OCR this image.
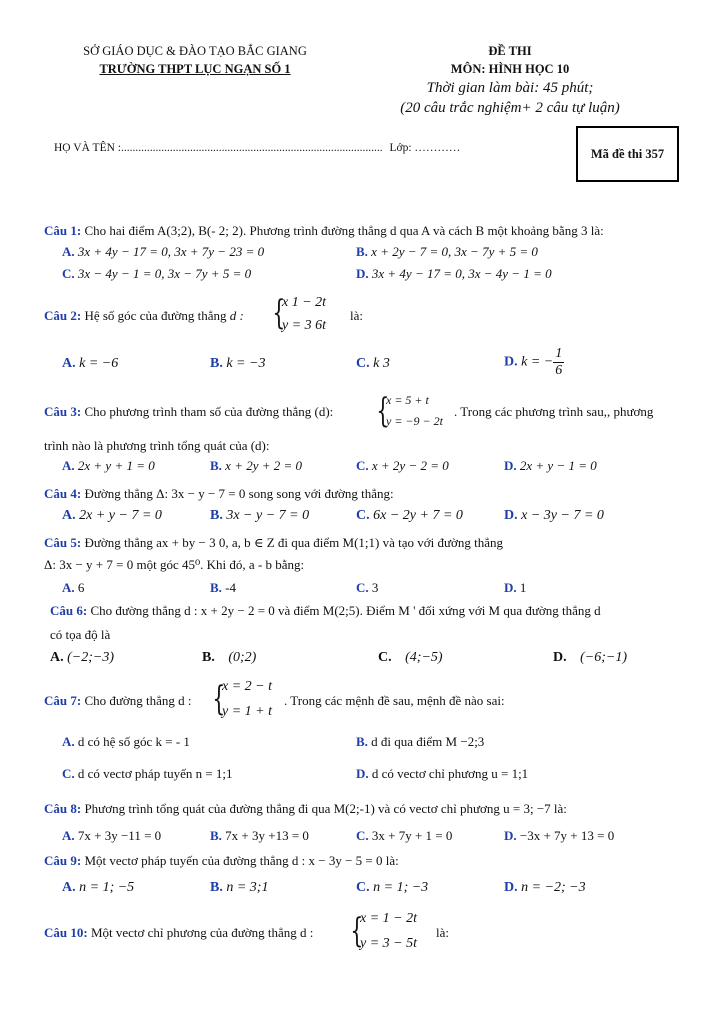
SỞ GIÁO DỤC & ĐÀO TẠO BẮC GIANG
TRƯỜNG THPT LỤC NGẠN SỐ 1
ĐỀ THI
MÔN: HÌNH HỌC 10
Thời gian làm bài: 45 phút;
(20 câu trắc nghiệm+ 2 câu tự luận)
HỌ VÀ TÊN :........................................................................................... Lớp: …………	Mã đề thi 357
Câu 1: Cho hai điểm A(3;2), B(- 2; 2). Phương trình đường thẳng d qua A và cách B một khoảng bằng 3 là:
A. 3x + 4y − 17 = 0, 3x + 7y − 23 = 0	B. x + 2y − 7 = 0, 3x − 7y + 5 = 0
C. 3x − 4y − 1 = 0, 3x − 7y + 5 = 0	D. 3x + 4y − 17 = 0, 3x − 4y − 1 = 0
Câu 2: Hệ số góc của đường thẳng d : {
x 1 − 2t
y = 3 6t
là:
A. k = −6	B. k = −3	C. k 3	D. k = − $\frac{1}{6}$
Câu 3: Cho phương trình tham số của đường thẳng (d): {
x = 5 + t
y = −9 − 2t
. Trong các phương trình sau,, phương
trình nào là phương trình tổng quát của (d):
A. 2x + y + 1 = 0	B. x + 2y + 2 = 0	C. x + 2y − 2 = 0	D. 2x + y − 1 = 0
Câu 4: Đường thẳng Δ: 3x − y − 7 = 0 song song với đường thẳng:
A. 2x + y − 7 = 0	B. 3x − y − 7 = 0	C. 6x − 2y + 7 = 0	D. x − 3y − 7 = 0
Câu 5: Đường thẳng ax + by − 3 0, a, b ∈ Z đi qua điểm M(1;1) và tạo với đường thẳng
Δ: 3x − y + 7 = 0 một góc 45⁰. Khi đó, a - b bằng:
A. 6	B. -4	C. 3	D. 1
Câu 6: Cho đường thẳng d : x + 2y − 2 = 0 và điểm M(2;5). Điểm M ' đối xứng với M qua đường thẳng d
có tọa độ là
A. (−2;−3)	B. (0;2)	C. (4;−5)	D. (−6;−1)
Câu 7: Cho đường thẳng d : {
x = 2 − t
y = 1 + t
. Trong các mệnh đề sau, mệnh đề nào sai:
A. d có hệ số góc k = - 1	B. d đi qua điểm M −2;3
C. d có vectơ pháp tuyến n = 1;1	D. d có vectơ chỉ phương u = 1;1
Câu 8: Phương trình tổng quát của đường thẳng đi qua M(2;-1) và có vectơ chỉ phương u = 3; −7 là:
A. 7x + 3y −11 = 0	B. 7x + 3y +13 = 0	C. 3x + 7y + 1 = 0	D. −3x + 7y + 13 = 0
Câu 9: Một vectơ pháp tuyến của đường thẳng d : x − 3y − 5 = 0 là:
A. n = 1; −5	B. n = 3;1	C. n = 1; −3	D. n = −2; −3
Câu 10: Một vectơ chỉ phương của đường thẳng d : {
x = 1 − 2t
y = 3 − 5t
là:
